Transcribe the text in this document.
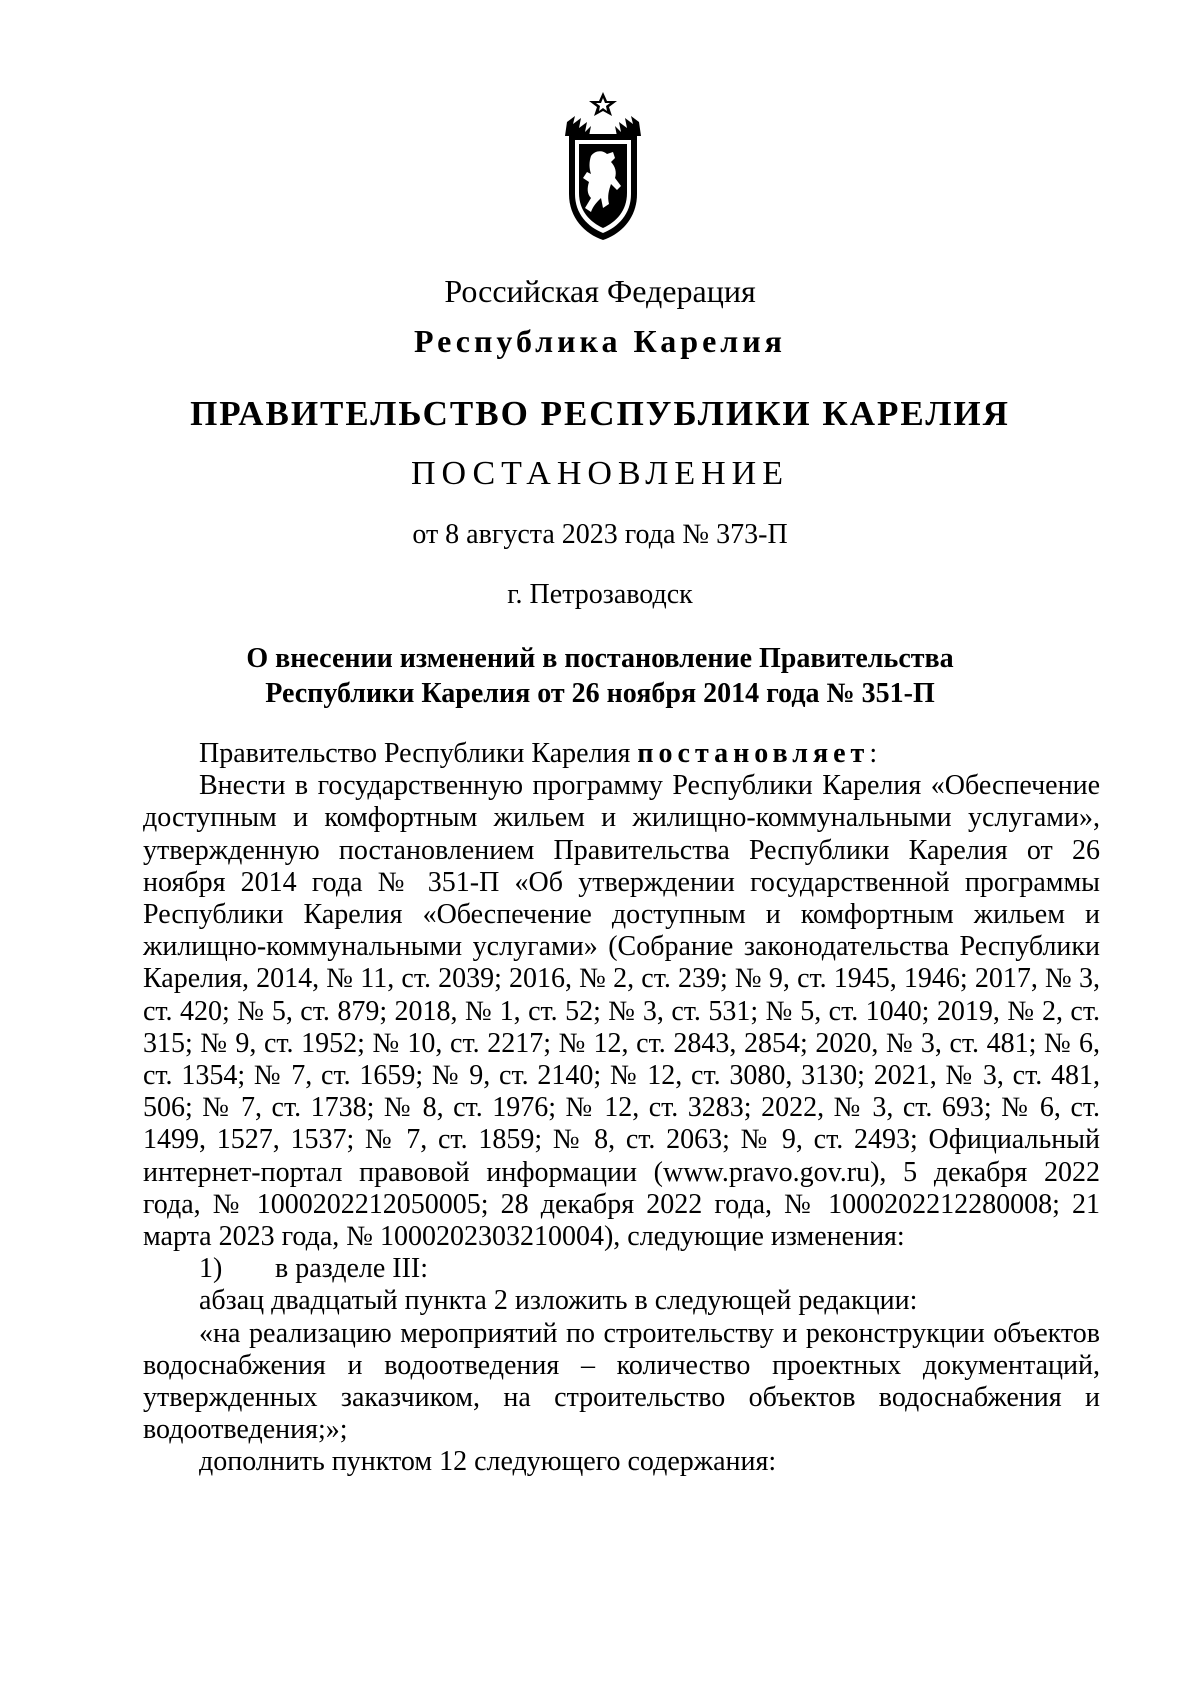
Российская Федерация
Республика Карелия
ПРАВИТЕЛЬСТВО РЕСПУБЛИКИ КАРЕЛИЯ
ПОСТАНОВЛЕНИЕ
от 8 августа 2023 года № 373-П
г. Петрозаводск
О внесении изменений в постановление Правительства
Республики Карелия от 26 ноября 2014 года № 351-П

Правительство Республики Карелия постановляет:

Внести в государственную программу Республики Карелия «Обеспечение доступным и комфортным жильем и жилищно-коммунальными услугами», утвержденную постановлением Правительства Республики Карелия от 26 ноября 2014 года № 351-П «Об утверждении государственной программы Республики Карелия «Обеспечение доступным и комфортным жильем и жилищно-коммунальными услугами» (Собрание законодательства Республики Карелия, 2014, № 11, ст. 2039; 2016, № 2, ст. 239; № 9, ст. 1945, 1946; 2017, № 3, ст. 420; № 5, ст. 879; 2018, № 1, ст. 52; № 3, ст. 531; № 5, ст. 1040; 2019, № 2, ст. 315; № 9, ст. 1952; № 10, ст. 2217; № 12, ст. 2843, 2854; 2020, № 3, ст. 481; № 6, ст. 1354; № 7, ст. 1659; № 9, ст. 2140; № 12, ст. 3080, 3130; 2021, № 3, ст. 481, 506; № 7, ст. 1738; № 8, ст. 1976; № 12, ст. 3283; 2022, № 3, ст. 693; № 6, ст. 1499, 1527, 1537; № 7, ст. 1859; № 8, ст. 2063; № 9, ст. 2493; Официальный интернет-портал правовой информации (www.pravo.gov.ru), 5 декабря 2022 года, № 1000202212050005; 28 декабря 2022 года, № 1000202212280008; 21 марта 2023 года, № 1000202303210004), следующие изменения:

1) в разделе III:

абзац двадцатый пункта 2 изложить в следующей редакции:

«на реализацию мероприятий по строительству и реконструкции объектов водоснабжения и водоотведения – количество проектных документаций, утвержденных заказчиком, на строительство объектов водоснабжения и водоотведения;»;

дополнить пунктом 12 следующего содержания:
